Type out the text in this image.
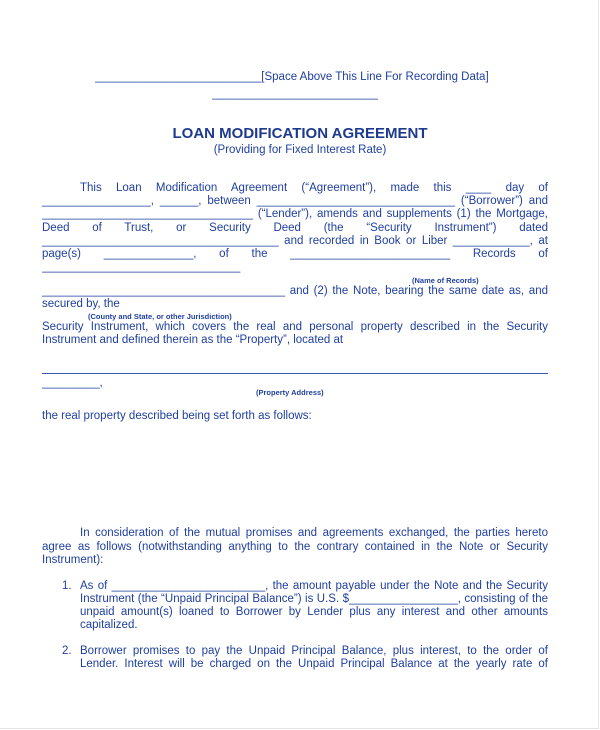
__________________________[Space Above This Line For Recording Data]
__________________________
LOAN MODIFICATION AGREEMENT
(Providing for Fixed Interest Rate)
This Loan Modification Agreement (“Agreement”), made this ____ day of
_________________, ______, between _______________________________ (“Borrower”) and
_________________________________ (“Lender”), amends and supplements (1) the Mortgage,
Deed of Trust, or Security Deed (the “Security Instrument”) dated
_____________________________________ and recorded in Book or Liber ____________, at
page(s) ______________, of the _________________________ Records of
_______________________________
(Name of Records)
______________________________________ and (2) the Note, bearing the same date as, and
secured by, the
(County and State, or other Jurisdiction)
Security Instrument, which covers the real and personal property described in the Security
Instrument and defined therein as the “Property”, located at
_________,
(Property Address)
the real property described being set forth as follows:
In consideration of the mutual promises and agreements exchanged, the parties hereto
agree as follows (notwithstanding anything to the contrary contained in the Note or Security
Instrument):
1. As of ________________________, the amount payable under the Note and the Security
Instrument (the “Unpaid Principal Balance”) is U.S. $_________________, consisting of the
unpaid amount(s) loaned to Borrower by Lender plus any interest and other amounts
capitalized.
2. Borrower promises to pay the Unpaid Principal Balance, plus interest, to the order of
Lender. Interest will be charged on the Unpaid Principal Balance at the yearly rate of
